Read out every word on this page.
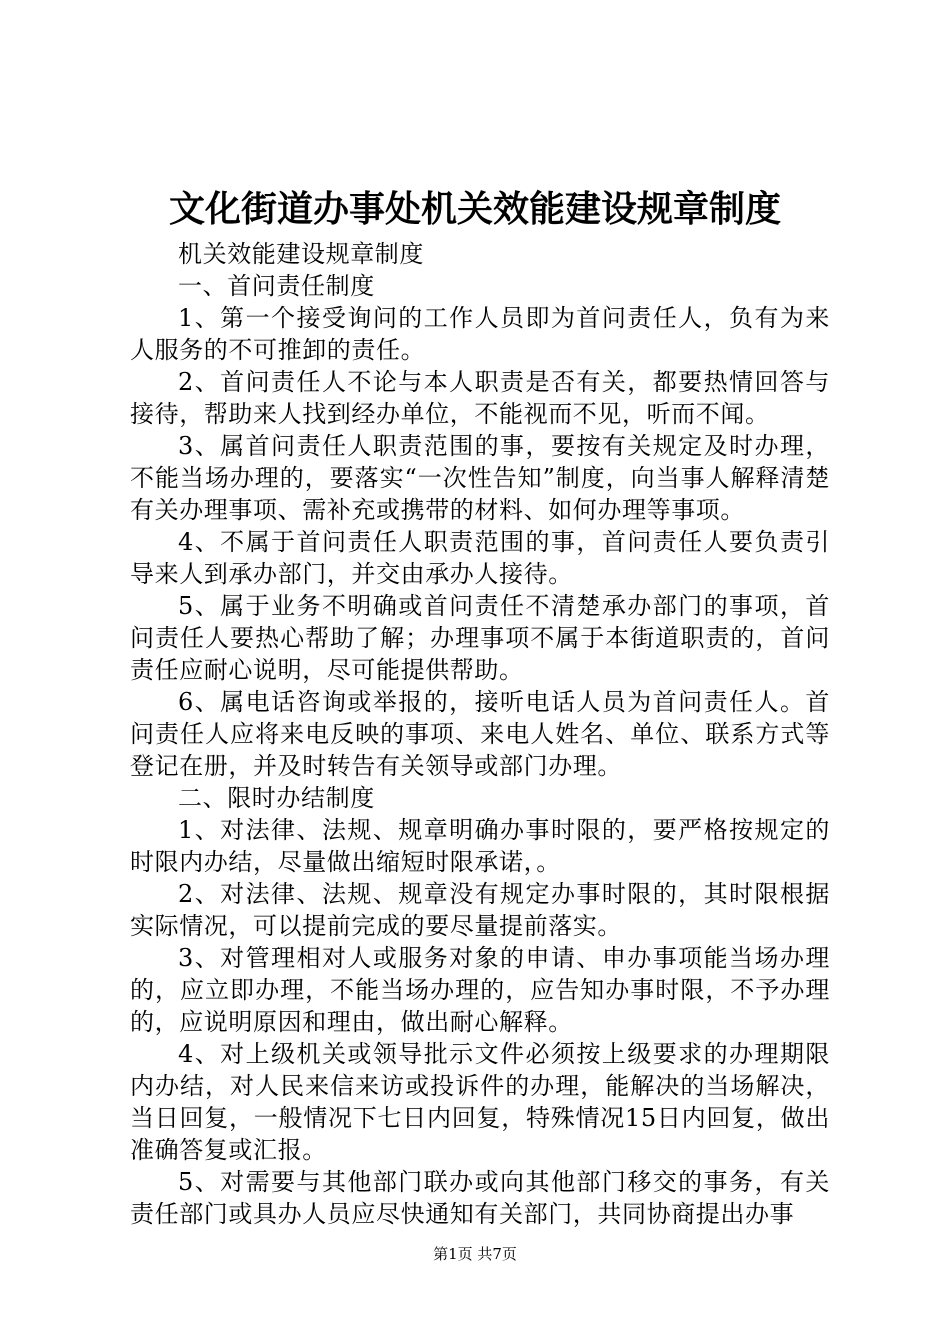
文化街道办事处机关效能建设规章制度

机关效能建设规章制度

一、首问责任制度

1、第一个接受询问的工作人员即为首问责任人，负有为来人服务的不可推卸的责任。

2、首问责任人不论与本人职责是否有关，都要热情回答与接待，帮助来人找到经办单位，不能视而不见，听而不闻。

3、属首问责任人职责范围的事，要按有关规定及时办理，不能当场办理的，要落实“一次性告知”制度，向当事人解释清楚有关办理事项、需补充或携带的材料、如何办理等事项。

4、不属于首问责任人职责范围的事，首问责任人要负责引导来人到承办部门，并交由承办人接待。

5、属于业务不明确或首问责任不清楚承办部门的事项，首问责任人要热心帮助了解；办理事项不属于本街道职责的，首问责任应耐心说明，尽可能提供帮助。

6、属电话咨询或举报的，接听电话人员为首问责任人。首问责任人应将来电反映的事项、来电人姓名、单位、联系方式等登记在册，并及时转告有关领导或部门办理。

二、限时办结制度

1、对法律、法规、规章明确办事时限的，要严格按规定的时限内办结，尽量做出缩短时限承诺，。

2、对法律、法规、规章没有规定办事时限的，其时限根据实际情况，可以提前完成的要尽量提前落实。

3、对管理相对人或服务对象的申请、申办事项能当场办理的，应立即办理，不能当场办理的，应告知办事时限，不予办理的，应说明原因和理由，做出耐心解释。

4、对上级机关或领导批示文件必须按上级要求的办理期限内办结，对人民来信来访或投诉件的办理，能解决的当场解决，当日回复，一般情况下七日内回复，特殊情况15日内回复，做出准确答复或汇报。

5、对需要与其他部门联办或向其他部门移交的事务，有关责任部门或具办人员应尽快通知有关部门，共同协商提出办事

第1页 共7页
